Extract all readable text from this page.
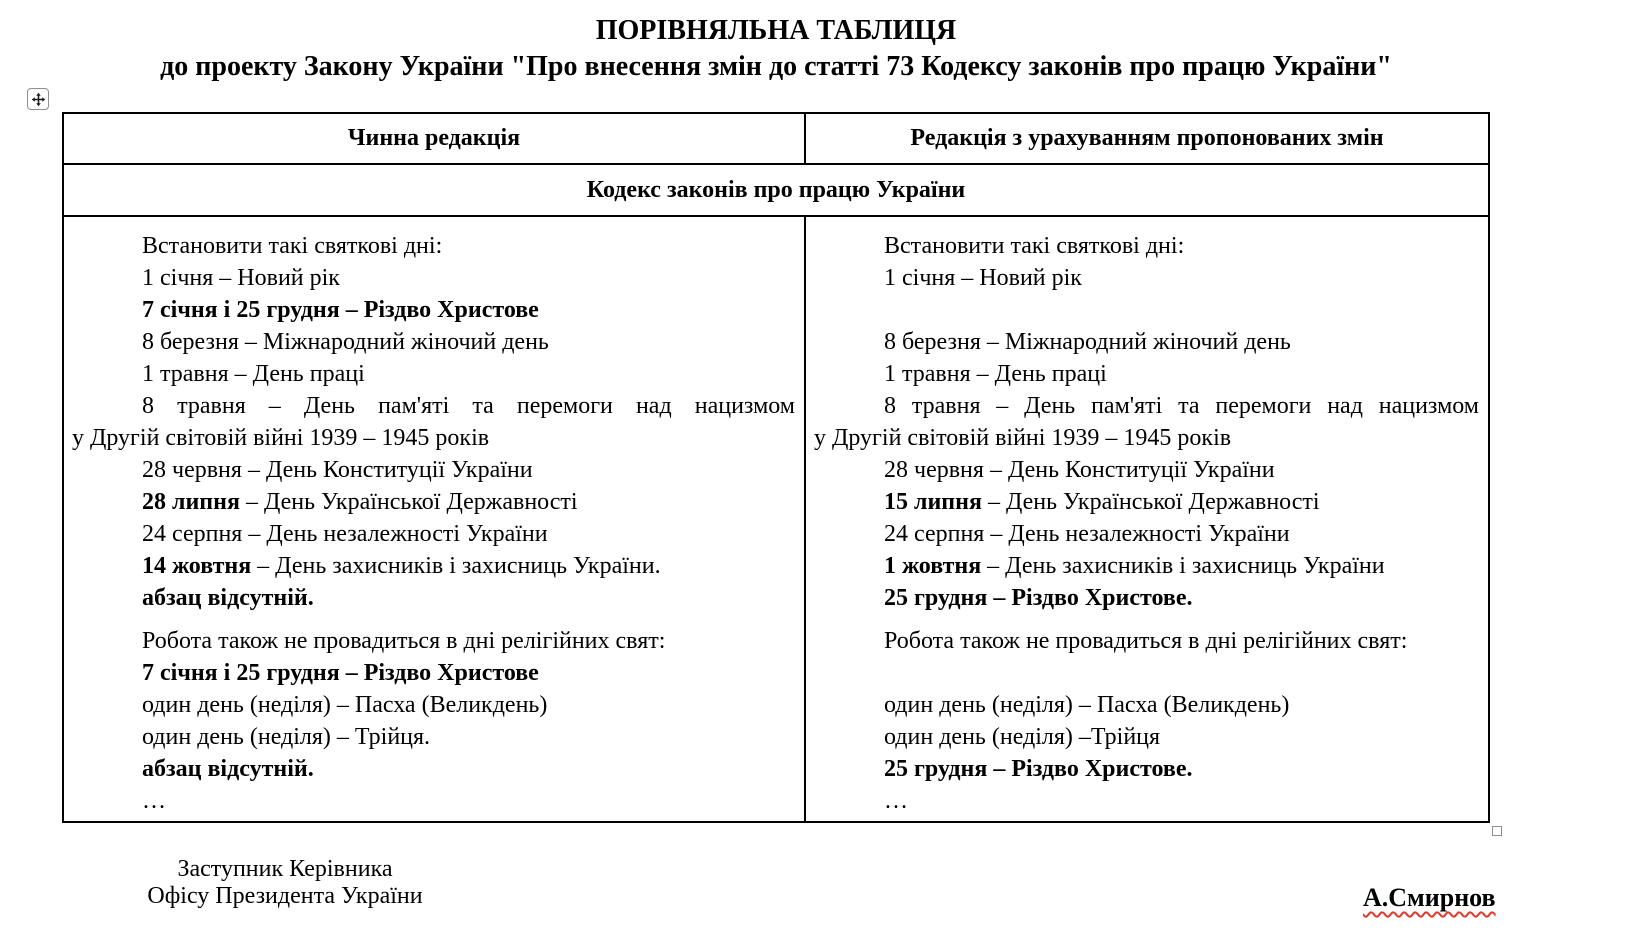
ПОРІВНЯЛЬНА ТАБЛИЦЯ
до проекту Закону України "Про внесення змін до статті 73 Кодексу законів про працю України"
Чинна редакція	Редакція з урахуванням пропонованих змін
Кодекс законів про працю України

Встановити такі святкові дні:

1 січня – Новий рік

7 січня і 25 грудня – Різдво Христове

8 березня – Міжнародний жіночий день

1 травня – День праці

8 травня – День пам'яті та перемоги над нацизмом
у Другій світовій війні 1939 – 1945 років

28 червня – День Конституції України

28 липня – День Української Державності

24 серпня – День незалежності України

14 жовтня – День захисників і захисниць України.

абзац відсутній.

Робота також не провадиться в дні релігійних свят:

7 січня і 25 грудня – Різдво Христове

один день (неділя) – Пасха (Великдень)

один день (неділя) – Трійця.

абзац відсутній.

…

Встановити такі святкові дні:

1 січня – Новий рік

8 березня – Міжнародний жіночий день

1 травня – День праці

8 травня – День пам'яті та перемоги над нацизмом
у Другій світовій війні 1939 – 1945 років

28 червня – День Конституції України

15 липня – День Української Державності

24 серпня – День незалежності України

1 жовтня – День захисників і захисниць України

25 грудня – Різдво Христове.

Робота також не провадиться в дні релігійних свят:

один день (неділя) – Пасха (Великдень)

один день (неділя) –Трійця

25 грудня – Різдво Христове.

…

Заступник Керівника
Офісу Президента України	А.Смирнов
